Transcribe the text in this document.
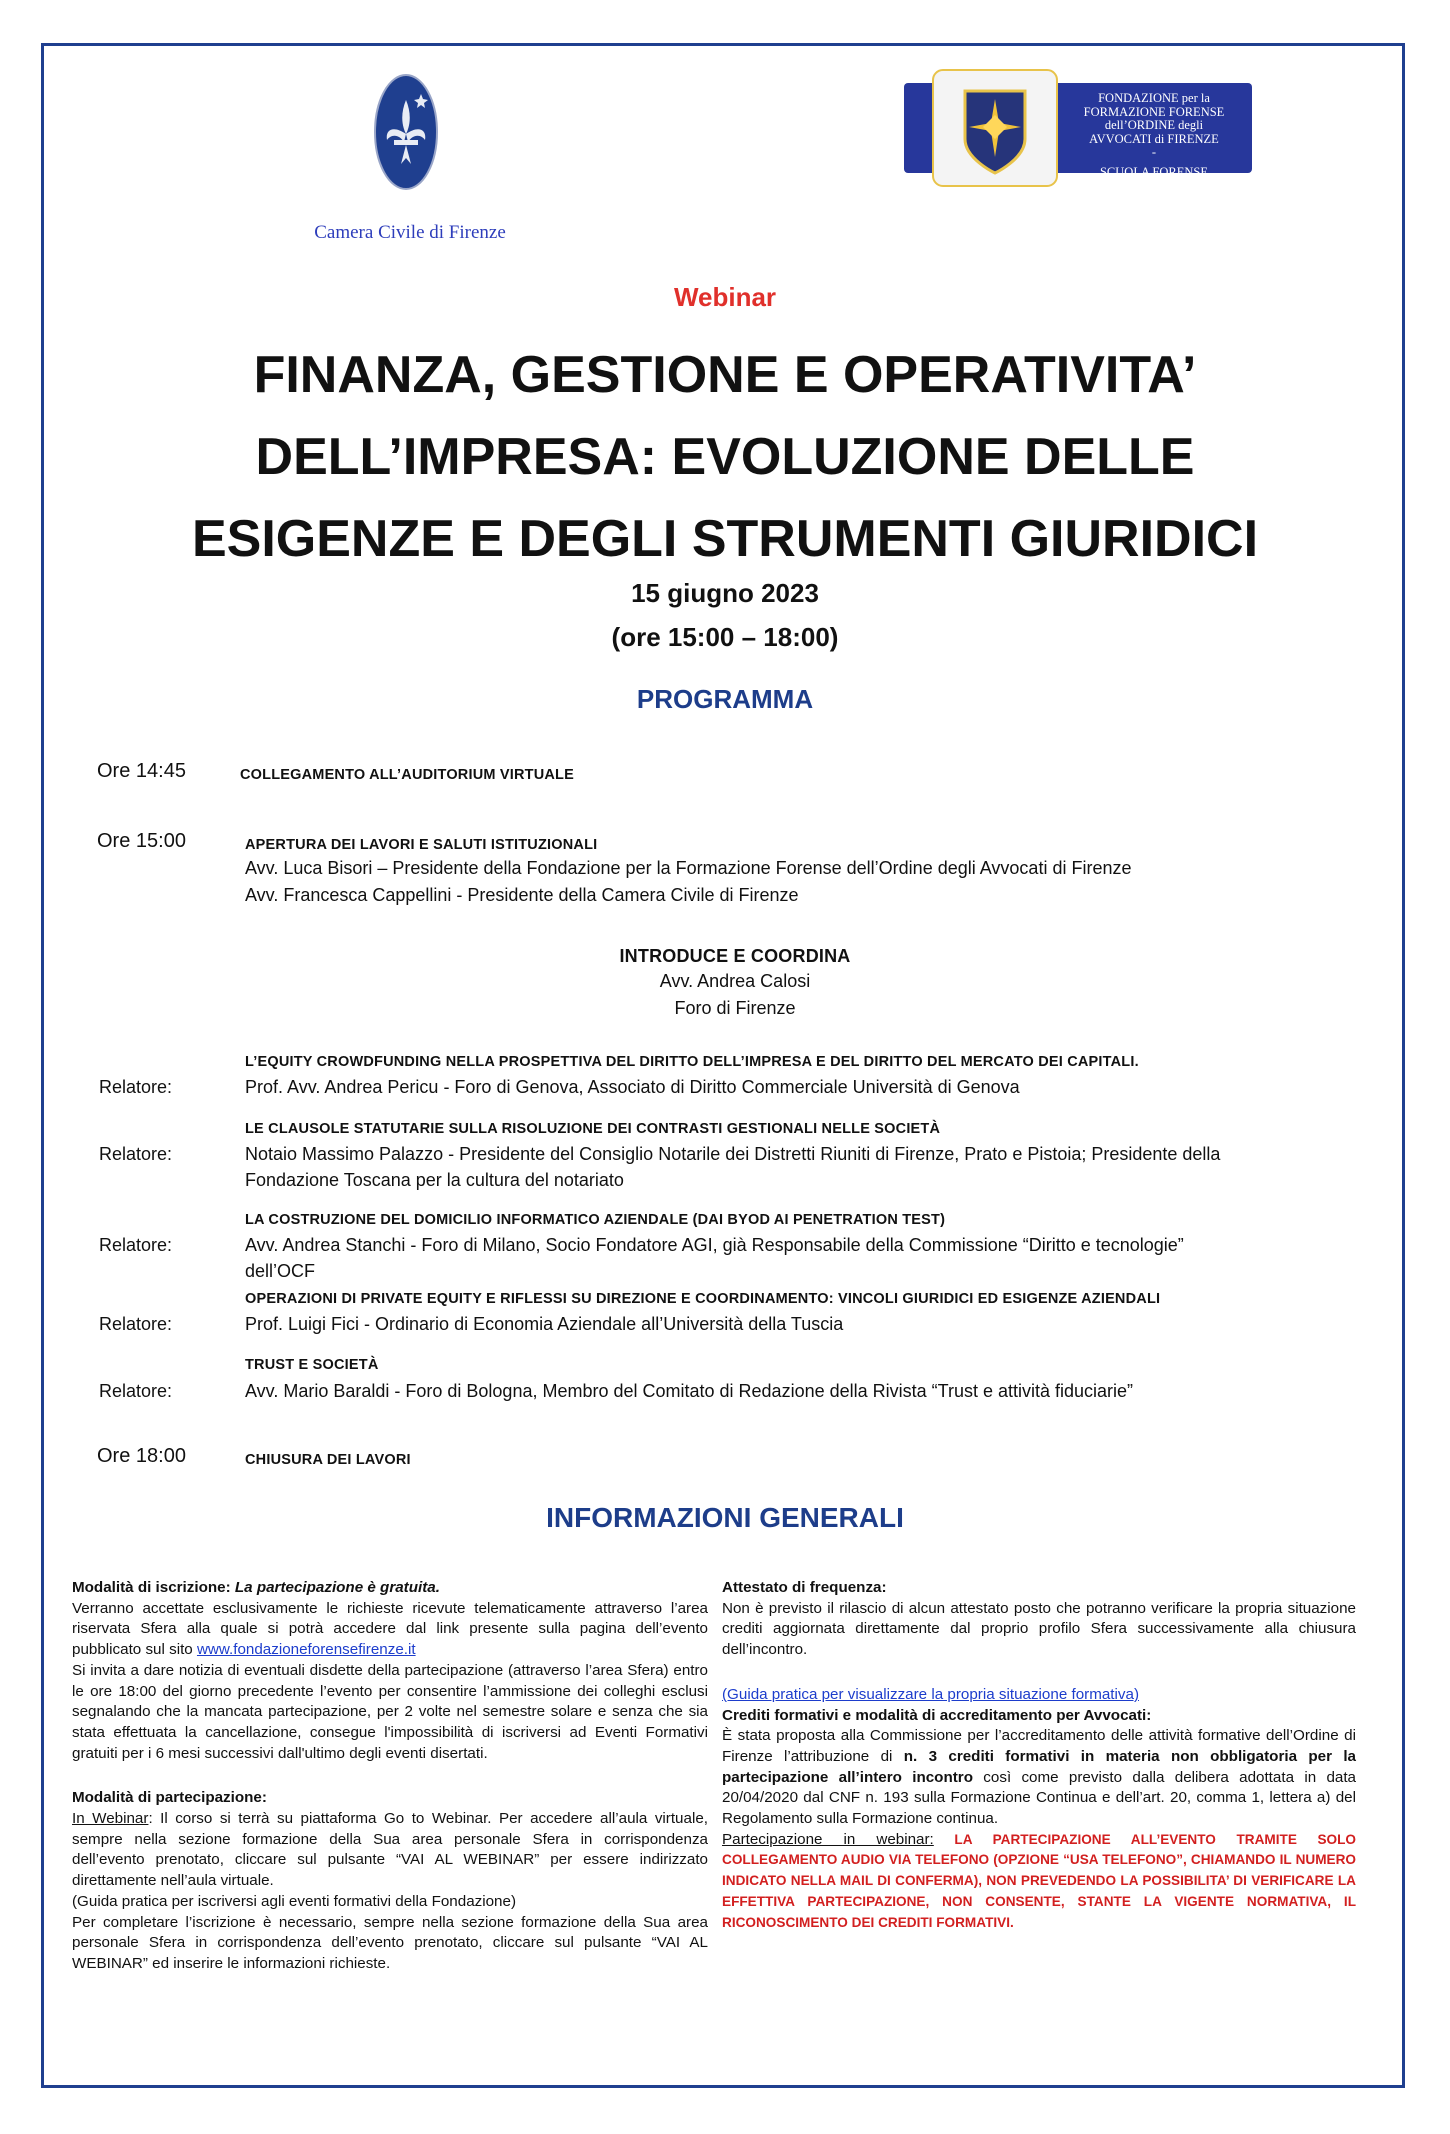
Camera Civile di Firenze
FONDAZIONE per la
FORMAZIONE FORENSE
dell’ORDINE degli
AVVOCATI di FIRENZE
-
SCUOLA FORENSE
Webinar
FINANZA, GESTIONE E OPERATIVITA’
DELL’IMPRESA: EVOLUZIONE DELLE
ESIGENZE E DEGLI STRUMENTI GIURIDICI
15 giugno 2023
(ore 15:00 – 18:00)
PROGRAMMA
Ore 14:45	COLLEGAMENTO ALL’AUDITORIUM VIRTUALE
Ore 15:00	APERTURA DEI LAVORI E SALUTI ISTITUZIONALI
Avv. Luca Bisori – Presidente della Fondazione per la Formazione Forense dell’Ordine degli Avvocati di Firenze
Avv. Francesca Cappellini - Presidente della Camera Civile di Firenze
INTRODUCE E COORDINA
Avv. Andrea Calosi
Foro di Firenze
L’EQUITY CROWDFUNDING NELLA PROSPETTIVA DEL DIRITTO DELL’IMPRESA E DEL DIRITTO DEL MERCATO DEI CAPITALI.
Relatore:	Prof. Avv. Andrea Pericu - Foro di Genova, Associato di Diritto Commerciale Università di Genova
LE CLAUSOLE STATUTARIE SULLA RISOLUZIONE DEI CONTRASTI GESTIONALI NELLE SOCIETÀ
Relatore:	Notaio Massimo Palazzo - Presidente del Consiglio Notarile dei Distretti Riuniti di Firenze, Prato e Pistoia; Presidente della
Fondazione Toscana per la cultura del notariato
LA COSTRUZIONE DEL DOMICILIO INFORMATICO AZIENDALE (DAI BYOD AI PENETRATION TEST)
Relatore:	Avv. Andrea Stanchi - Foro di Milano, Socio Fondatore AGI, già Responsabile della Commissione “Diritto e tecnologie”
dell’OCF
OPERAZIONI DI PRIVATE EQUITY E RIFLESSI SU DIREZIONE E COORDINAMENTO: VINCOLI GIURIDICI ED ESIGENZE AZIENDALI
Relatore:	Prof. Luigi Fici - Ordinario di Economia Aziendale all’Università della Tuscia
TRUST E SOCIETÀ
Relatore:	Avv. Mario Baraldi - Foro di Bologna, Membro del Comitato di Redazione della Rivista “Trust e attività fiduciarie”
Ore 18:00	CHIUSURA DEI LAVORI
INFORMAZIONI GENERALI

Modalità di iscrizione: La partecipazione è gratuita.

Verranno accettate esclusivamente le richieste ricevute telematicamente attraverso l’area riservata Sfera alla quale si potrà accedere dal link presente sulla pagina dell’evento pubblicato sul sito www.fondazioneforensefirenze.it

Si invita a dare notizia di eventuali disdette della partecipazione (attraverso l’area Sfera) entro le ore 18:00 del giorno precedente l’evento per consentire l’ammissione dei colleghi esclusi segnalando che la mancata partecipazione, per 2 volte nel semestre solare e senza che sia stata effettuata la cancellazione, consegue l'impossibilità di iscriversi ad Eventi Formativi gratuiti per i 6 mesi successivi dall'ultimo degli eventi disertati.

Modalità di partecipazione:

In Webinar: Il corso si terrà su piattaforma Go to Webinar. Per accedere all’aula virtuale, sempre nella sezione formazione della Sua area personale Sfera in corrispondenza dell’evento prenotato, cliccare sul pulsante “VAI AL WEBINAR” per essere indirizzato direttamente nell’aula virtuale.

(Guida pratica per iscriversi agli eventi formativi della Fondazione)

Per completare l’iscrizione è necessario, sempre nella sezione formazione della Sua area personale Sfera in corrispondenza dell’evento prenotato, cliccare sul pulsante “VAI AL WEBINAR” ed inserire le informazioni richieste.

Attestato di frequenza:

Non è previsto il rilascio di alcun attestato posto che potranno verificare la propria situazione crediti aggiornata direttamente dal proprio profilo Sfera successivamente alla chiusura dell’incontro.

(Guida pratica per visualizzare la propria situazione formativa)

Crediti formativi e modalità di accreditamento per Avvocati:

È stata proposta alla Commissione per l’accreditamento delle attività formative dell’Ordine di Firenze l’attribuzione di n. 3 crediti formativi in materia non obbligatoria per la partecipazione all’intero incontro così come previsto dalla delibera adottata in data 20/04/2020 dal CNF n. 193 sulla Formazione Continua e dell’art. 20, comma 1, lettera a) del Regolamento sulla Formazione continua.

Partecipazione in webinar: LA PARTECIPAZIONE ALL’EVENTO TRAMITE SOLO COLLEGAMENTO AUDIO VIA TELEFONO (OPZIONE “USA TELEFONO”, CHIAMANDO IL NUMERO INDICATO NELLA MAIL DI CONFERMA), NON PREVEDENDO LA POSSIBILITA’ DI VERIFICARE LA EFFETTIVA PARTECIPAZIONE, NON CONSENTE, STANTE LA VIGENTE NORMATIVA, IL RICONOSCIMENTO DEI CREDITI FORMATIVI.
